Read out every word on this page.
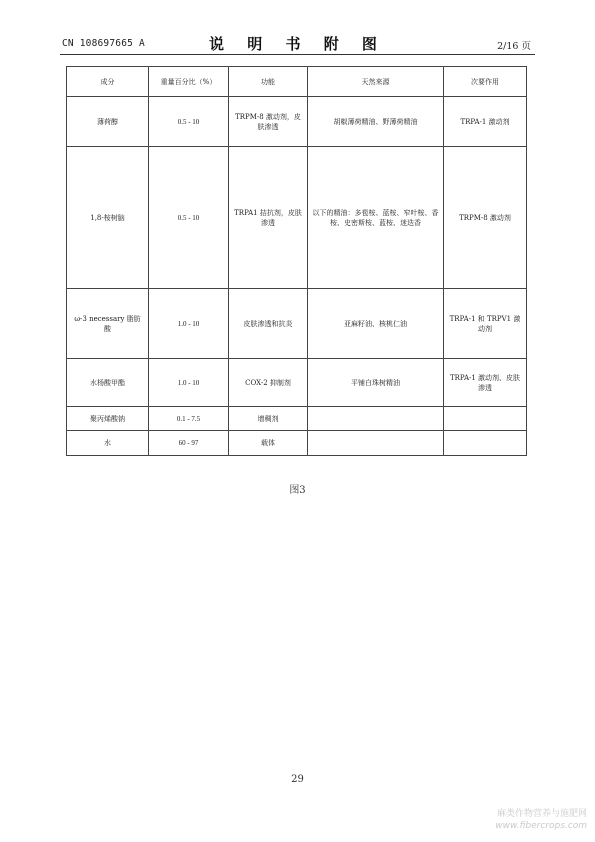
CN 108697665 A	说 明 书 附 图	2/16 页
成分	重量百分比（%）	功能	天然来源	次要作用
薄荷醇	0.5 - 10	TRPM-8 激动剂，皮肤渗透	胡椒薄荷精油、野薄荷精油	TRPA-1 激动剂
1,8-桉树脑	0.5 - 10	TRPA1 拮抗剂，皮肤渗透	以下的精油：多苞桉、蓝桉、窄叶桉、香桉、史密斯桉、蓝桉、迷迭香	TRPM-8 激动剂
ω-3 necessary 脂肪酸	1.0 - 10	皮肤渗透和抗炎	亚麻籽油、核桃仁油	TRPA-1 和 TRPV1 激动剂
水杨酸甲酯	1.0 - 10	COX-2 抑制剂	平铺白珠树精油	TRPA-1 激动剂、皮肤渗透
聚丙烯酸钠	0.1 - 7.5	增稠剂		
水	60 - 97	载体		
图3
29
麻类作物营养与施肥网
www.fibercrops.com
